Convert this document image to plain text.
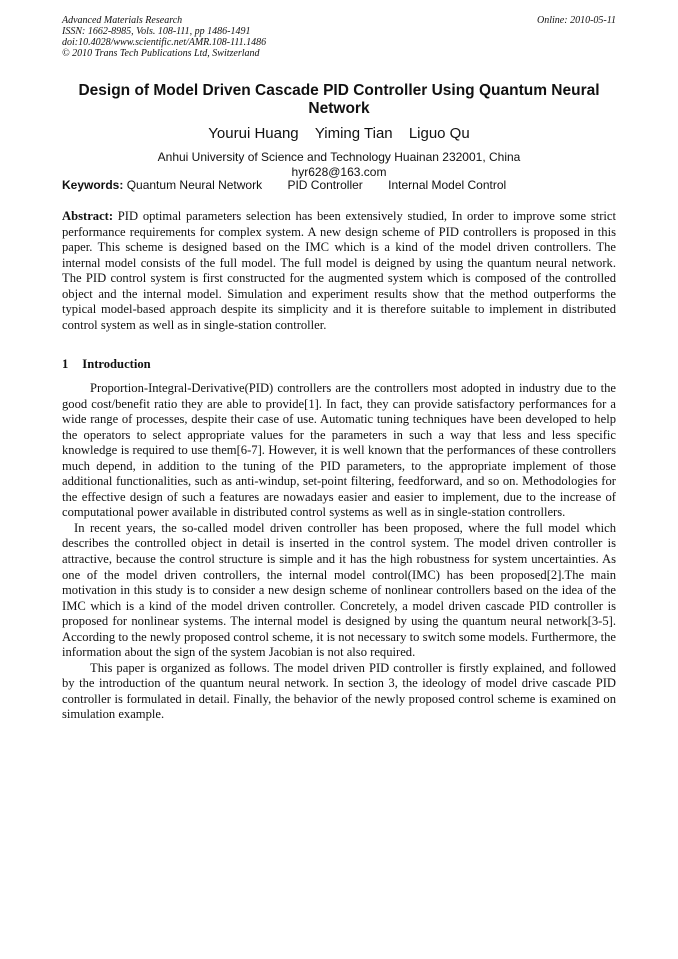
Advanced Materials Research
ISSN: 1662-8985, Vols. 108-111, pp 1486-1491
doi:10.4028/www.scientific.net/AMR.108-111.1486
© 2010 Trans Tech Publications Ltd, Switzerland
Online: 2010-05-11
Design of Model Driven Cascade PID Controller Using Quantum Neural Network
Yourui Huang Yiming Tian Liguo Qu
Anhui University of Science and Technology Huainan 232001, China
hyr628@163.com
Keywords: Quantum Neural Network PID Controller Internal Model Control
Abstract: PID optimal parameters selection has been extensively studied, In order to improve some strict performance requirements for complex system. A new design scheme of PID controllers is proposed in this paper. This scheme is designed based on the IMC which is a kind of the model driven controllers. The internal model consists of the full model. The full model is deigned by using the quantum neural network. The PID control system is first constructed for the augmented system which is composed of the controlled object and the internal model. Simulation and experiment results show that the method outperforms the typical model-based approach despite its simplicity and it is therefore suitable to implement in distributed control system as well as in single-station controller.
1 Introduction

Proportion-Integral-Derivative(PID) controllers are the controllers most adopted in industry due to the good cost/benefit ratio they are able to provide[1]. In fact, they can provide satisfactory performances for a wide range of processes, despite their case of use. Automatic tuning techniques have been developed to help the operators to select appropriate values for the parameters in such a way that less and less specific knowledge is required to use them[6-7]. However, it is well known that the performances of these controllers much depend, in addition to the tuning of the PID parameters, to the appropriate implement of those additional functionalities, such as anti-windup, set-point filtering, feedforward, and so on. Methodologies for the effective design of such a features are nowadays easier and easier to implement, due to the increase of computational power available in distributed control systems as well as in single-station controllers.

In recent years, the so-called model driven controller has been proposed, where the full model which describes the controlled object in detail is inserted in the control system. The model driven controller is attractive, because the control structure is simple and it has the high robustness for system uncertainties. As one of the model driven controllers, the internal model control(IMC) has been proposed[2].The main motivation in this study is to consider a new design scheme of nonlinear controllers based on the idea of the IMC which is a kind of the model driven controller. Concretely, a model driven cascade PID controller is proposed for nonlinear systems. The internal model is designed by using the quantum neural network[3-5]. According to the newly proposed control scheme, it is not necessary to switch some models. Furthermore, the information about the sign of the system Jacobian is not also required.

This paper is organized as follows. The model driven PID controller is firstly explained, and followed by the introduction of the quantum neural network. In section 3, the ideology of model drive cascade PID controller is formulated in detail. Finally, the behavior of the newly proposed control scheme is examined on simulation example.
